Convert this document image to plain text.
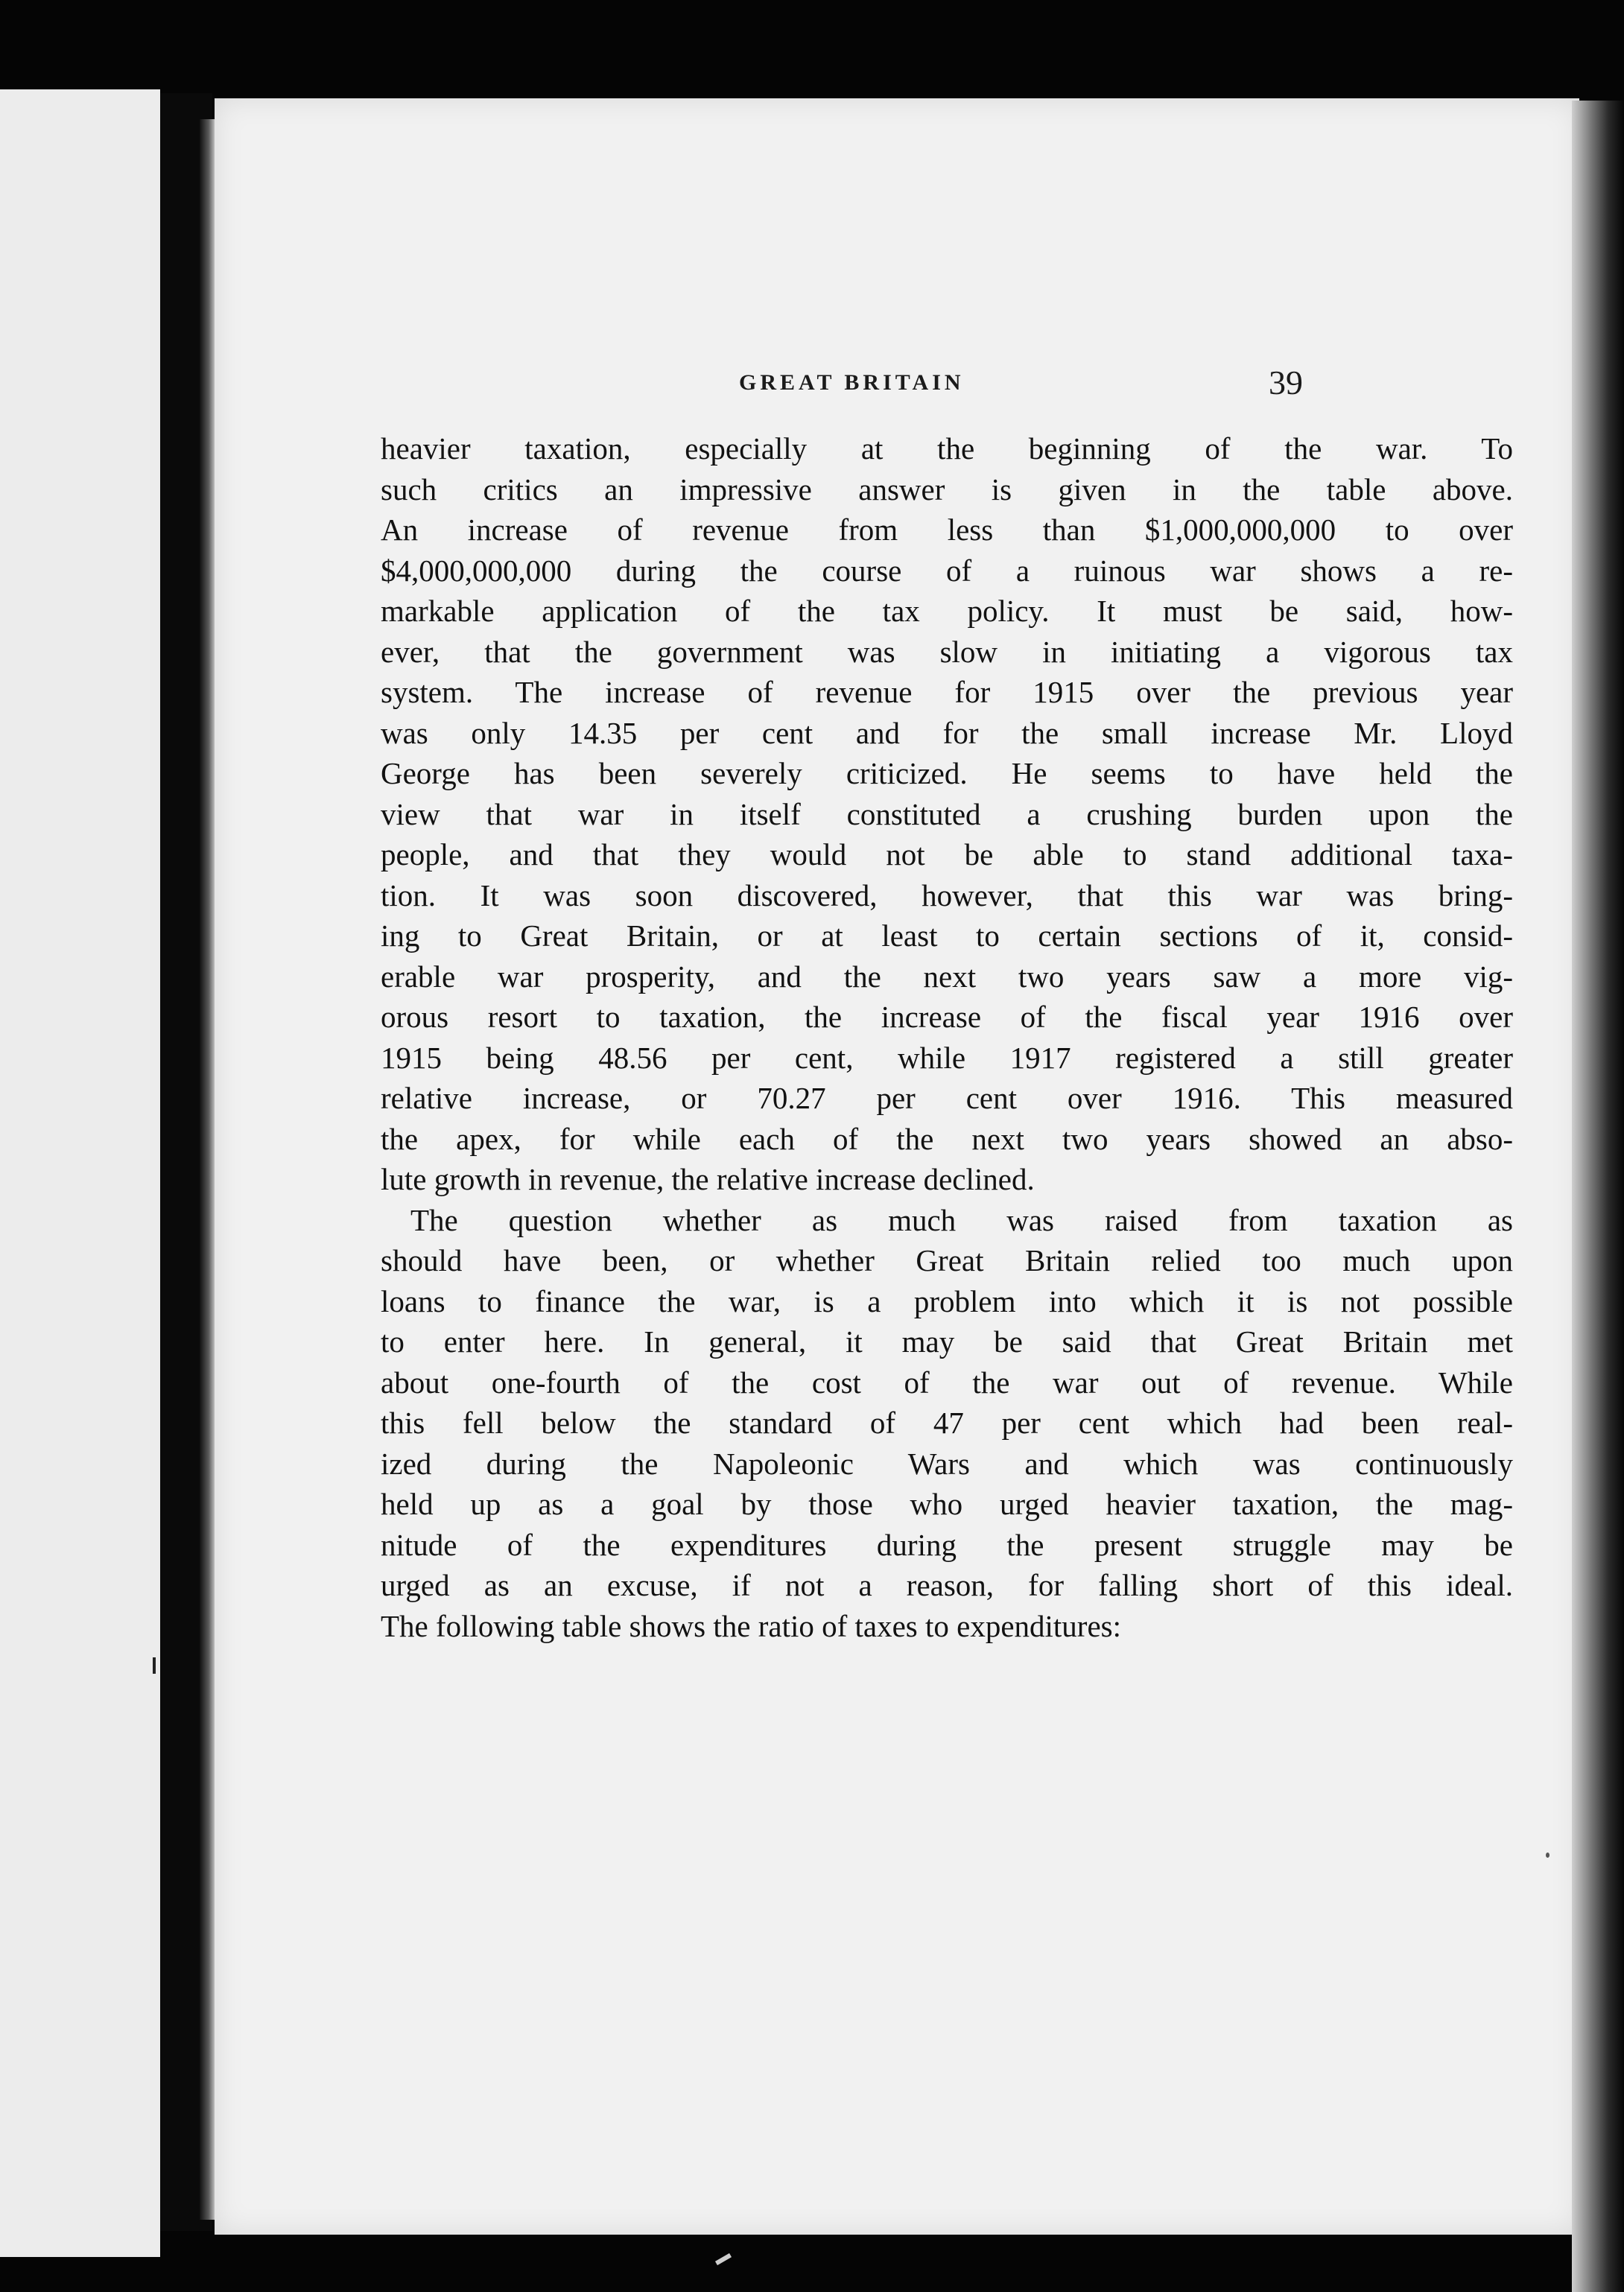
GREAT BRITAIN	39
heavier taxation, especially at the beginning of the war. To
such critics an impressive answer is given in the table above.
An increase of revenue from less than $1,000,000,000 to over
$4,000,000,000 during the course of a ruinous war shows a re-
markable application of the tax policy. It must be said, how-
ever, that the government was slow in initiating a vigorous tax
system. The increase of revenue for 1915 over the previous year
was only 14.35 per cent and for the small increase Mr. Lloyd
George has been severely criticized. He seems to have held the
view that war in itself constituted a crushing burden upon the
people, and that they would not be able to stand additional taxa-
tion. It was soon discovered, however, that this war was bring-
ing to Great Britain, or at least to certain sections of it, consid-
erable war prosperity, and the next two years saw a more vig-
orous resort to taxation, the increase of the fiscal year 1916 over
1915 being 48.56 per cent, while 1917 registered a still greater
relative increase, or 70.27 per cent over 1916. This measured
the apex, for while each of the next two years showed an abso-
lute growth in revenue, the relative increase declined.
The question whether as much was raised from taxation as
should have been, or whether Great Britain relied too much upon
loans to finance the war, is a problem into which it is not possible
to enter here. In general, it may be said that Great Britain met
about one-fourth of the cost of the war out of revenue. While
this fell below the standard of 47 per cent which had been real-
ized during the Napoleonic Wars and which was continuously
held up as a goal by those who urged heavier taxation, the mag-
nitude of the expenditures during the present struggle may be
urged as an excuse, if not a reason, for falling short of this ideal.
The following table shows the ratio of taxes to expenditures:
